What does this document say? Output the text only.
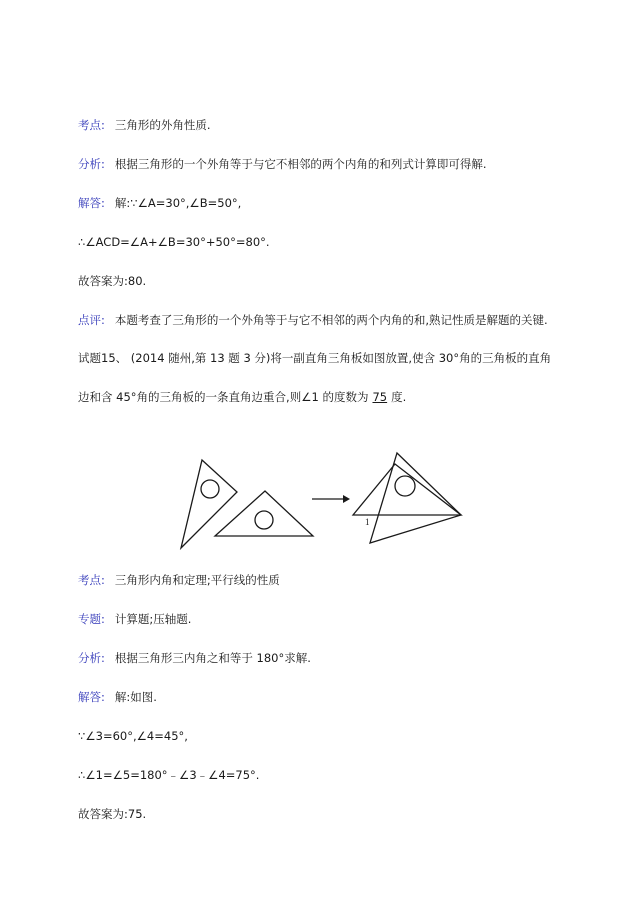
考点: 三角形的外角性质.
分析: 根据三角形的一个外角等于与它不相邻的两个内角的和列式计算即可得解.
解答: 解:∵∠A=30°,∠B=50°,
∴∠ACD=∠A+∠B=30°+50°=80°.
故答案为:80.
点评: 本题考查了三角形的一个外角等于与它不相邻的两个内角的和,熟记性质是解题的关键.
试题15、 (2014 随州,第 13 题 3 分)将一副直角三角板如图放置,使含 30°角的三角板的直角
边和含 45°角的三角板的一条直角边重合,则∠1 的度数为 75 度.
1
考点: 三角形内角和定理;平行线的性质
专题: 计算题;压轴题.
分析: 根据三角形三内角之和等于 180°求解.
解答: 解:如图.
∵∠3=60°,∠4=45°,
∴∠1=∠5=180°﹣∠3﹣∠4=75°.
故答案为:75.
